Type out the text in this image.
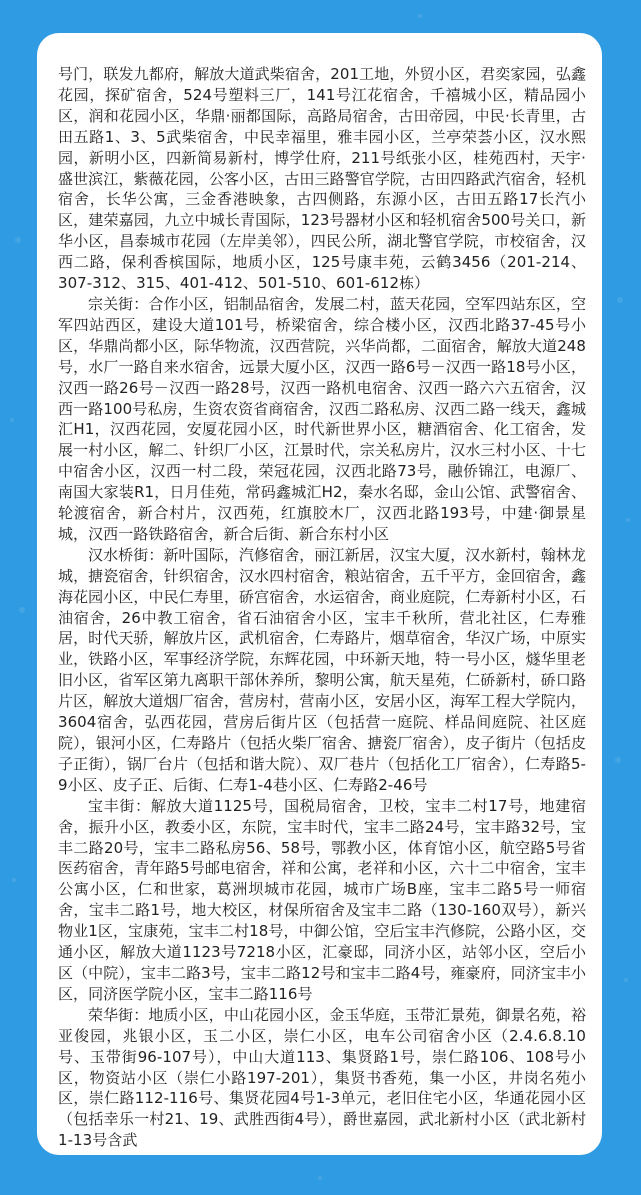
号门，联发九都府，解放大道武柴宿舍，201工地，外贸小区，君奕家园，弘鑫花园，探矿宿舍，524号塑料三厂，141号江花宿舍，千禧城小区，精品园小区，润和花园小区，华鼎·丽都国际，高路局宿舍，古田帝园，中民·长青里，古田五路1、3、5武柴宿舍，中民幸福里，雅丰园小区，兰亭荣荟小区，汉水熙园，新明小区，四新简易新村，博学仕府，211号纸张小区，桂苑西村，天宇·盛世滨江，紫薇花园，公客小区，古田三路警官学院，古田四路武汽宿舍，轻机宿舍，长华公寓，三金香港映象，古四侧路，东源小区，古田五路17长汽小区，建荣嘉园，九立中城长青国际，123号器材小区和轻机宿舍500号关口，新华小区，昌泰城市花园（左岸美邻），四民公所，湖北警官学院，市校宿舍，汉西二路，保利香槟国际，地质小区，125号康丰苑，云鹤3456（201-214、307-312、315、401-412、501-510、601-612栋）

宗关街：合作小区，铝制品宿舍，发展二村，蓝天花园，空军四站东区，空军四站西区，建设大道101号，桥梁宿舍，综合楼小区，汉西北路37-45号小区，华鼎尚都小区，际华物流，汉西营院，兴华尚都，二面宿舍，解放大道248号，水厂一路自来水宿舍，远景大厦小区，汉西一路6号－汉西一路18号小区，汉西一路26号－汉西一路28号，汉西一路机电宿舍、汉西一路六六五宿舍，汉西一路100号私房，生资农资省商宿舍，汉西二路私房、汉西二路一线天，鑫城汇H1，汉西花园，安厦花园小区，时代新世界小区，糖酒宿舍、化工宿舍，发展一村小区，解二、针织厂小区，江景时代，宗关私房片，汉水三村小区、十七中宿舍小区，汉西一村二段，荣冠花园，汉西北路73号，融侨锦江，电源厂、南国大家装R1，日月佳苑，常码鑫城汇H2，秦水名邸，金山公馆、武警宿舍、轮渡宿舍，新合村片，汉西苑，红旗胶木厂，汉西北路193号，中建·御景星城，汉西一路铁路宿舍，新合后街、新合东村小区

汉水桥街：新叶国际，汽修宿舍，丽江新居，汉宝大厦，汉水新村，翰林龙城，搪瓷宿舍，针织宿舍，汉水四村宿舍，粮站宿舍，五千平方，金回宿舍，鑫海花园小区，中民仁寿里，硚宫宿舍，水运宿舍，商业庭院，仁寿新村小区，石油宿舍，26中教工宿舍，省石油宿舍小区，宝丰千秋所，营北社区，仁寿雅居，时代天骄，解放片区，武机宿舍，仁寿路片，烟草宿舍，华汉广场，中原实业，铁路小区，军事经济学院，东辉花园，中环新天地，特一号小区，燧华里老旧小区，省军区第九离职干部休养所，黎明公寓，航天星苑，仁硚新村，硚口路片区，解放大道烟厂宿舍，营房村，营南小区，安居小区，海军工程大学院内，3604宿舍，弘西花园，营房后街片区（包括营一庭院、样品间庭院、社区庭院），银河小区，仁寿路片（包括火柴厂宿舍、搪瓷厂宿舍），皮子街片（包括皮子正街），锅厂台片（包括和谐大院）、双厂巷片（包括化工厂宿舍），仁寿路5-9小区、皮子正、后街、仁寿1-4巷小区、仁寿路2-46号

宝丰街：解放大道1125号，国税局宿舍，卫校，宝丰二村17号，地建宿舍，振升小区，教委小区，东院，宝丰时代，宝丰二路24号，宝丰路32号，宝丰二路20号，宝丰二路私房56、58号，鄂教小区，体育馆小区，航空路5号省医药宿舍，青年路5号邮电宿舍，祥和公寓，老祥和小区，六十二中宿舍，宝丰公寓小区，仁和世家，葛洲坝城市花园，城市广场B座，宝丰二路5号一师宿舍，宝丰二路1号，地大校区，材保所宿舍及宝丰二路（130-160双号），新兴物业1区，宝康苑，宝丰二村18号，中御公馆，空后宝丰汽修院，公路小区，交通小区，解放大道1123号7218小区，汇豪邸，同济小区，站邻小区，空后小区（中院），宝丰二路3号，宝丰二路12号和宝丰二路4号，雍豪府，同济宝丰小区，同济医学院小区，宝丰二路116号

荣华街：地质小区，中山花园小区，金玉华庭，玉带汇景苑，御景名苑，裕亚俊园，兆银小区，玉二小区，崇仁小区，电车公司宿舍小区（2.4.6.8.10号、玉带街96-107号），中山大道113、集贤路1号，崇仁路106、108号小区，物资站小区（崇仁小路197-201），集贤书香苑，集一小区，井岗名苑小区，崇仁路112-116号、集贤花园4号1-3单元，老旧住宅小区，华通花园小区（包括幸乐一村21、19、武胜西街4号），爵世嘉园，武北新村小区（武北新村1-13号含武
